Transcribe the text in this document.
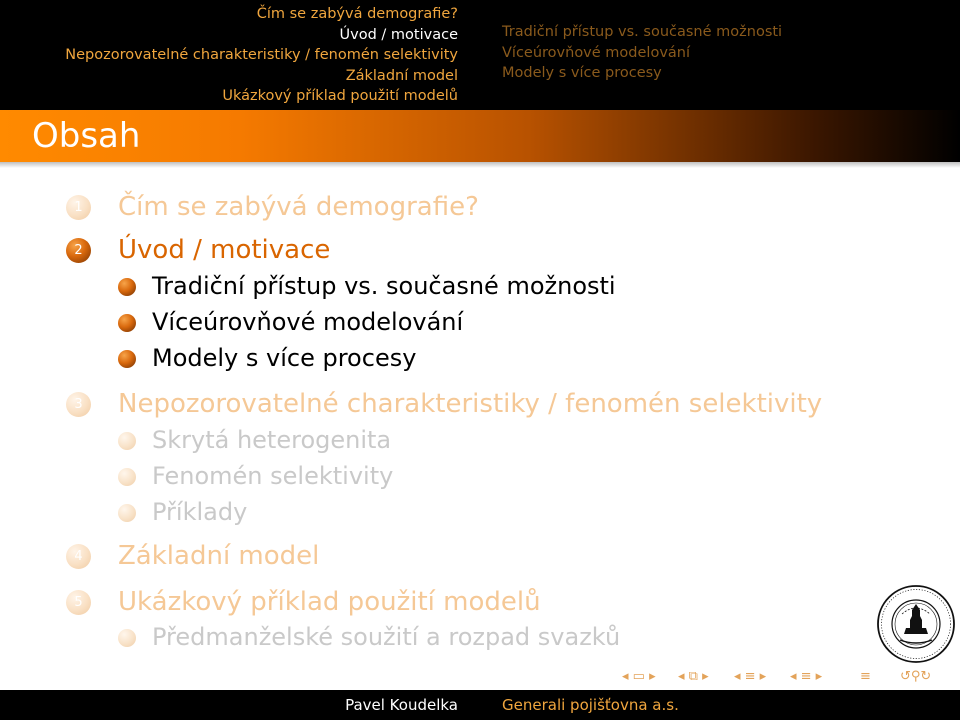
Čím se zabývá demografie?
Úvod / motivace
Nepozorovatelné charakteristiky / fenomén selektivity
Základní model
Ukázkový příklad použití modelů
Tradiční přístup vs. současné možnosti
Víceúrovňové modelování
Modely s více procesy
Obsah
1	Čím se zabývá demografie?
2	Úvod / motivace
Tradiční přístup vs. současné možnosti
Víceúrovňové modelování
Modely s více procesy
3	Nepozorovatelné charakteristiky / fenomén selektivity
Skrytá heterogenita
Fenomén selektivity
Příklady
4	Základní model
5	Ukázkový příklad použití modelů
Předmanželské soužití a rozpad svazků
◂ ▭ ▸ ◂ ⧉ ▸ ◂ ≡ ▸ ◂ ≡ ▸	≡ ↺⚲↻
Pavel Koudelka	Generali pojišťovna a.s.
